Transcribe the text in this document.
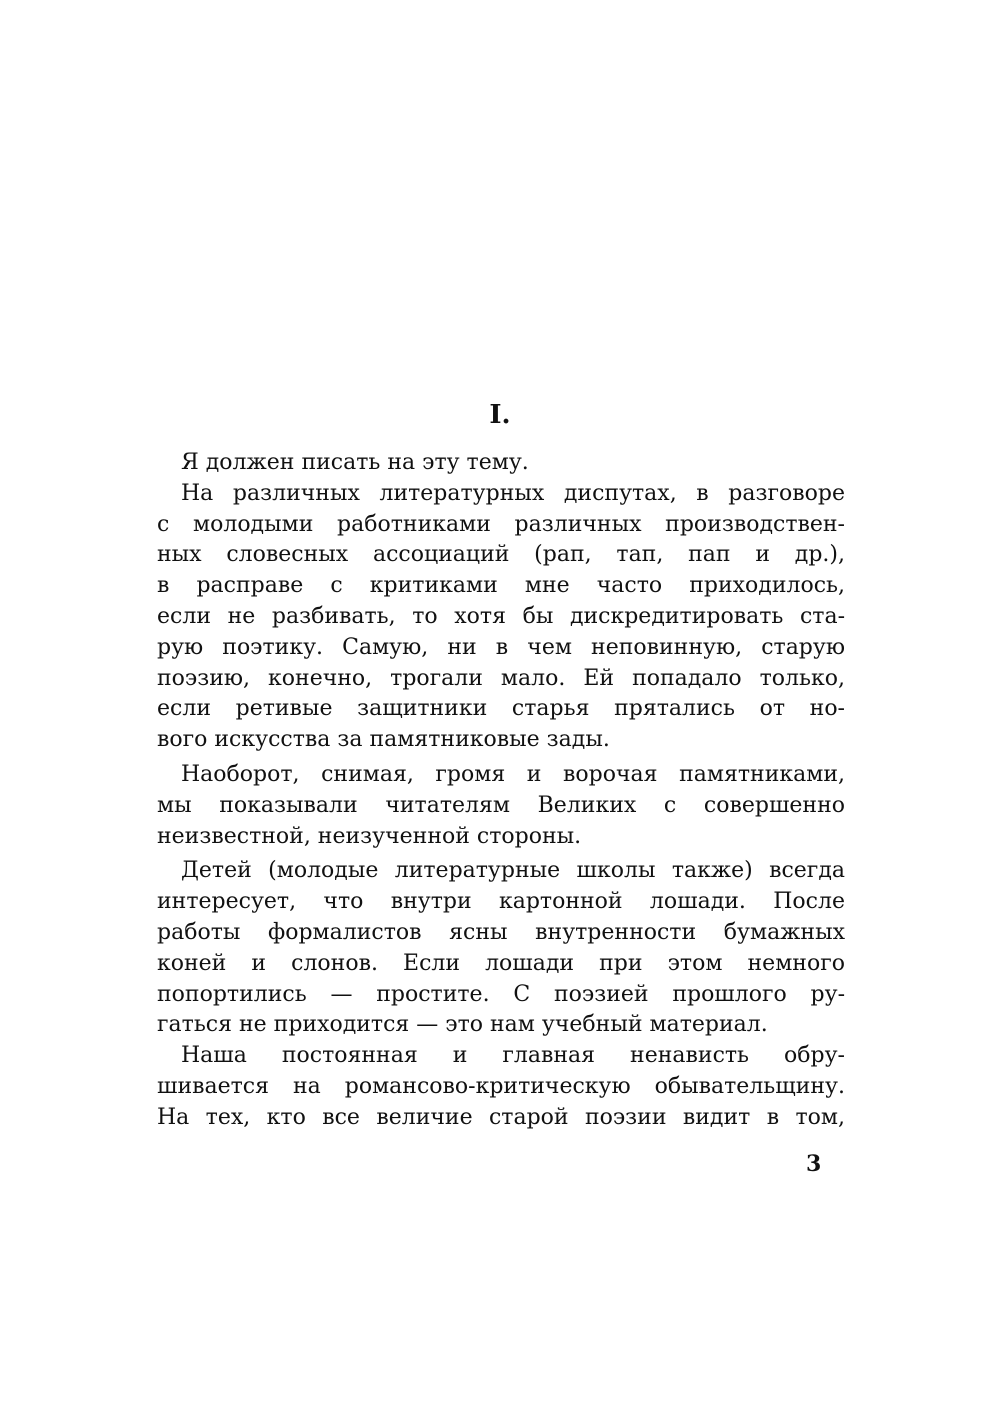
I.
Я должен писать на эту тему.
На различных литературных диспутах, в разговоре
с молодыми работниками различных производствен-
ных словесных ассоциаций (рап, тап, пап и др.),
в расправе с критиками мне часто приходилось,
если не разбивать, то хотя бы дискредитировать ста-
рую поэтику. Самую, ни в чем неповинную, старую
поэзию, конечно, трогали мало. Ей попадало только,
если ретивые защитники старья прятались от но-
вого искусства за памятниковые зады.
Наоборот, снимая, громя и ворочая памятниками,
мы показывали читателям Великих с совершенно
неизвестной, неизученной стороны.
Детей (молодые литературные школы также) всегда
интересует, что внутри картонной лошади. После
работы формалистов ясны внутренности бумажных
коней и слонов. Если лошади при этом немного
попортились — простите. С поэзией прошлого ру-
гаться не приходится — это нам учебный материал.
Наша постоянная и главная ненависть обру-
шивается на романсово-критическую обывательщину.
На тех, кто все величие старой поэзии видит в том,
3
